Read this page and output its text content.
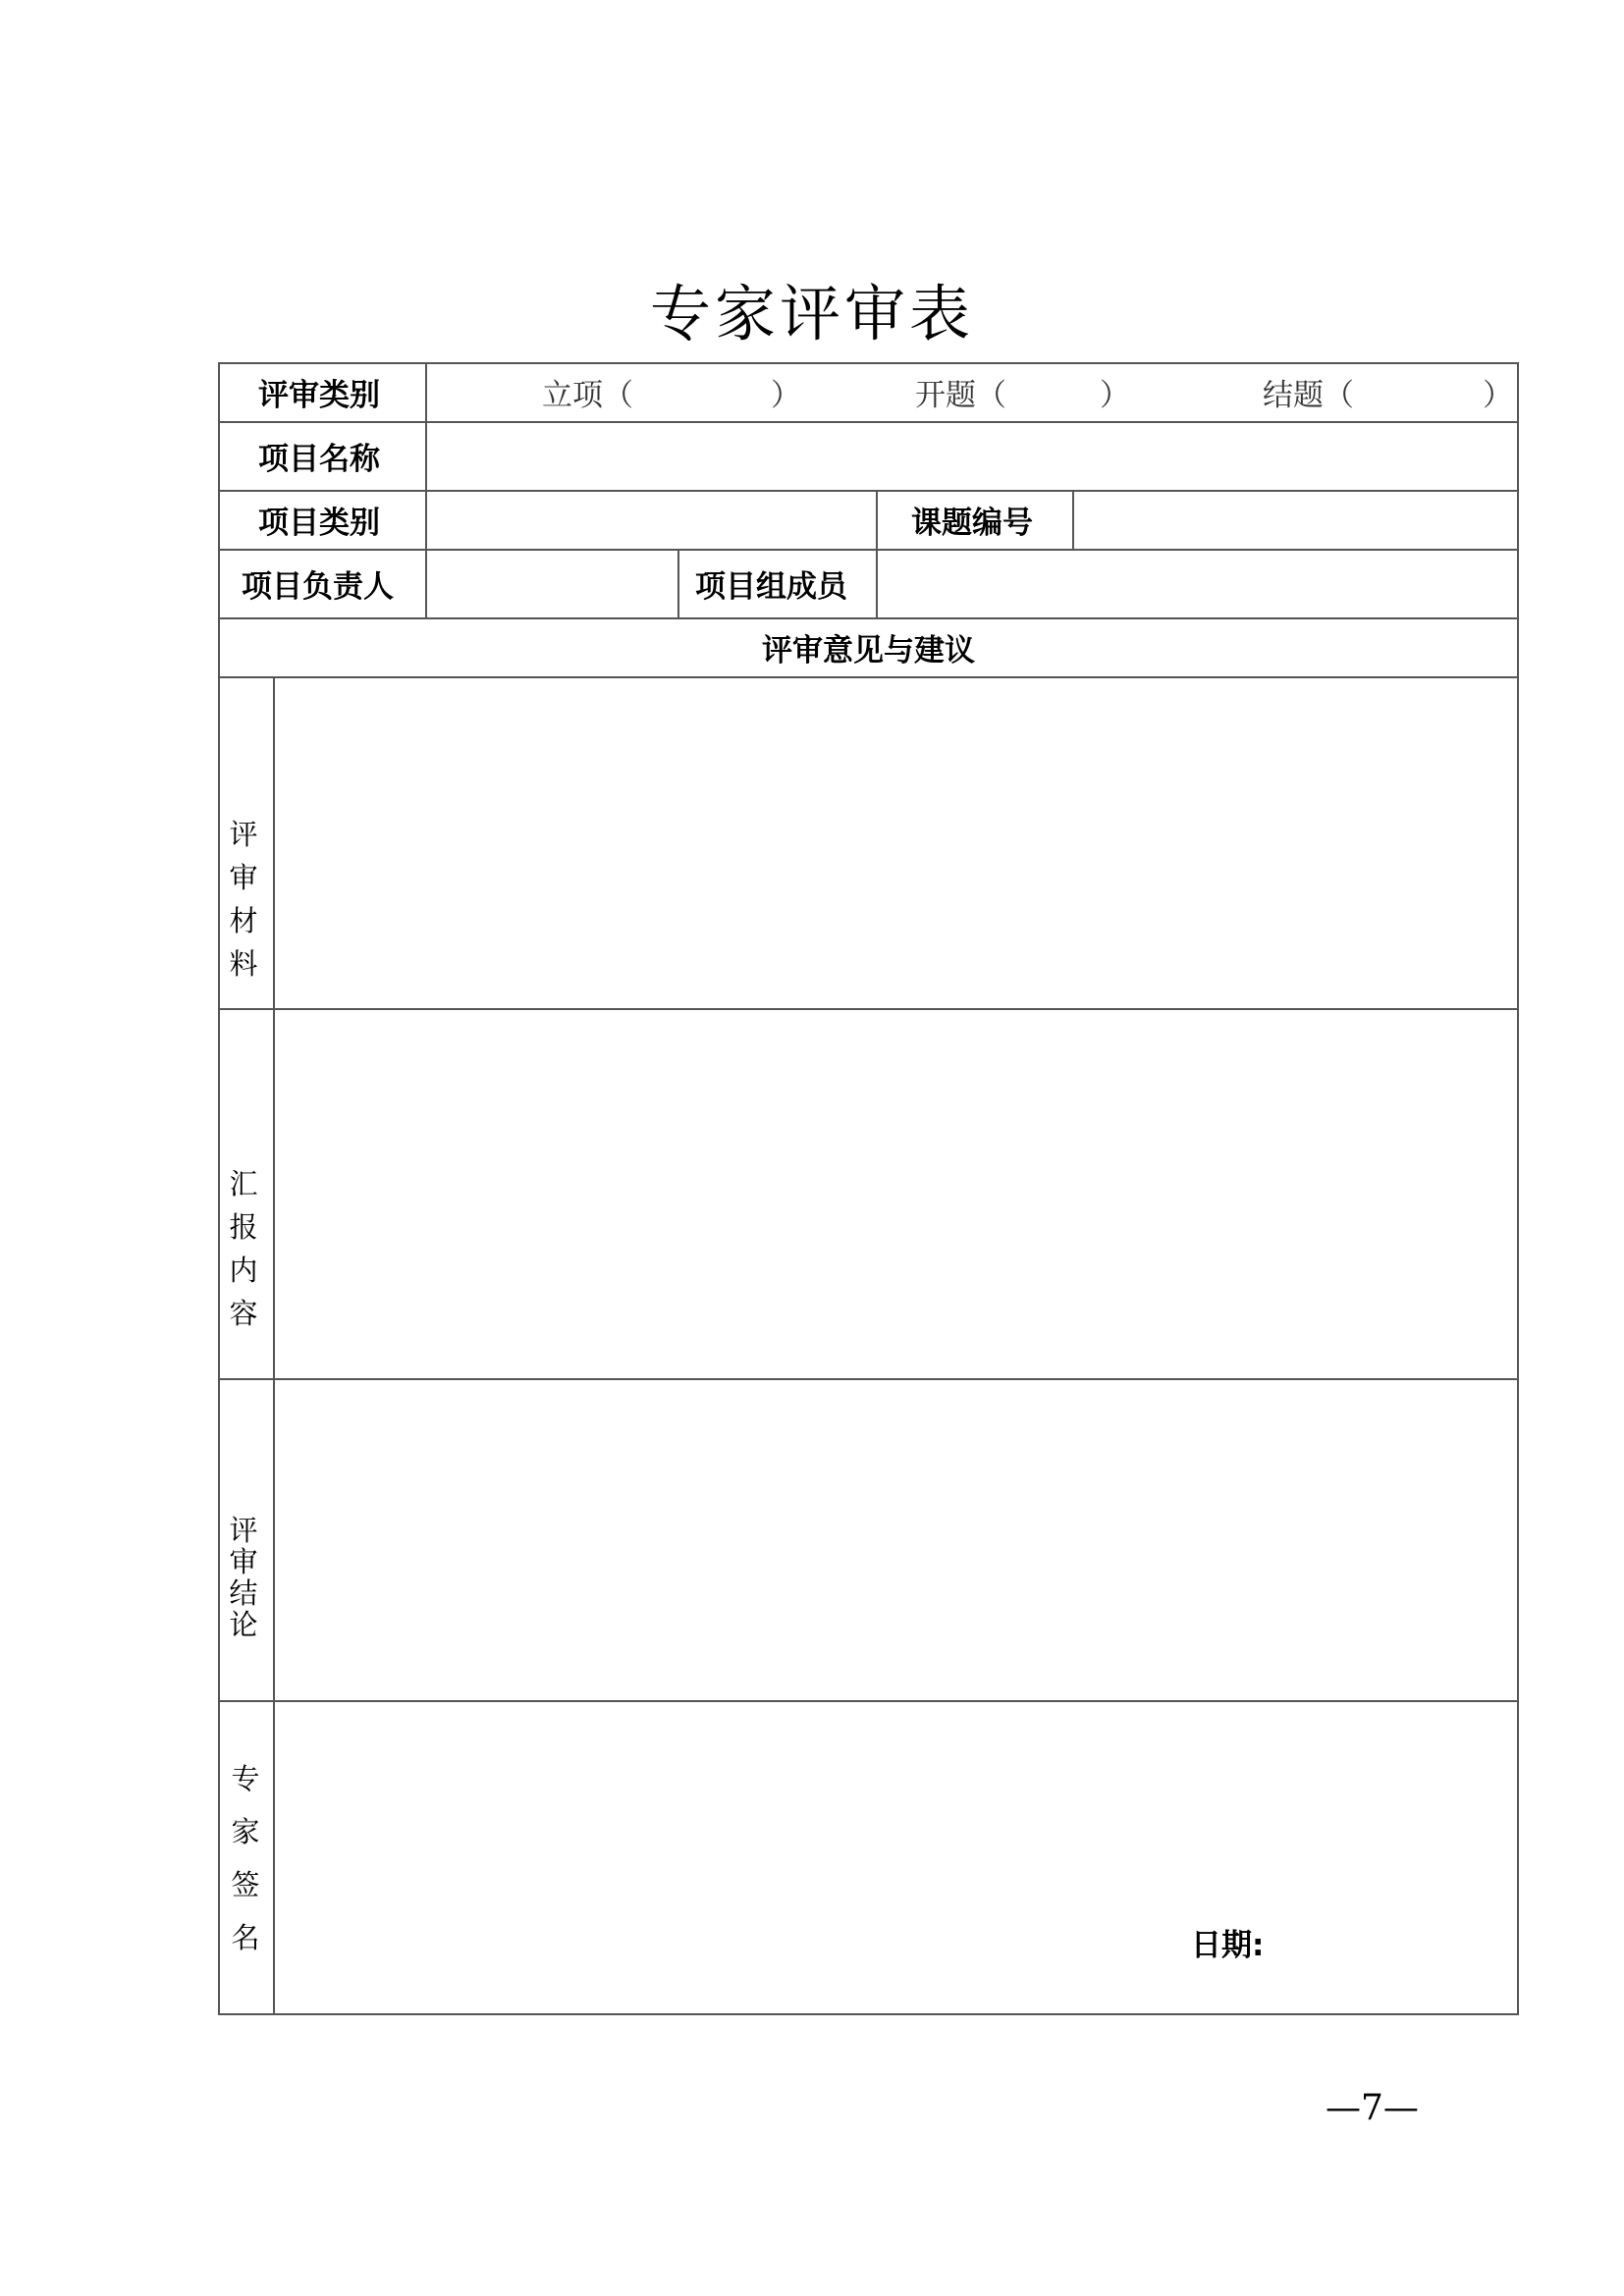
专家评审表
评审类别	立项（	）	开题（	）	结题（	）
项目名称
项目类别	课题编号
项目负责人	项目组成员
评审意见与建议
评
审
材
料
汇
报
内
容
评
审
结
论
专
家
签
名	日期:
—7—
